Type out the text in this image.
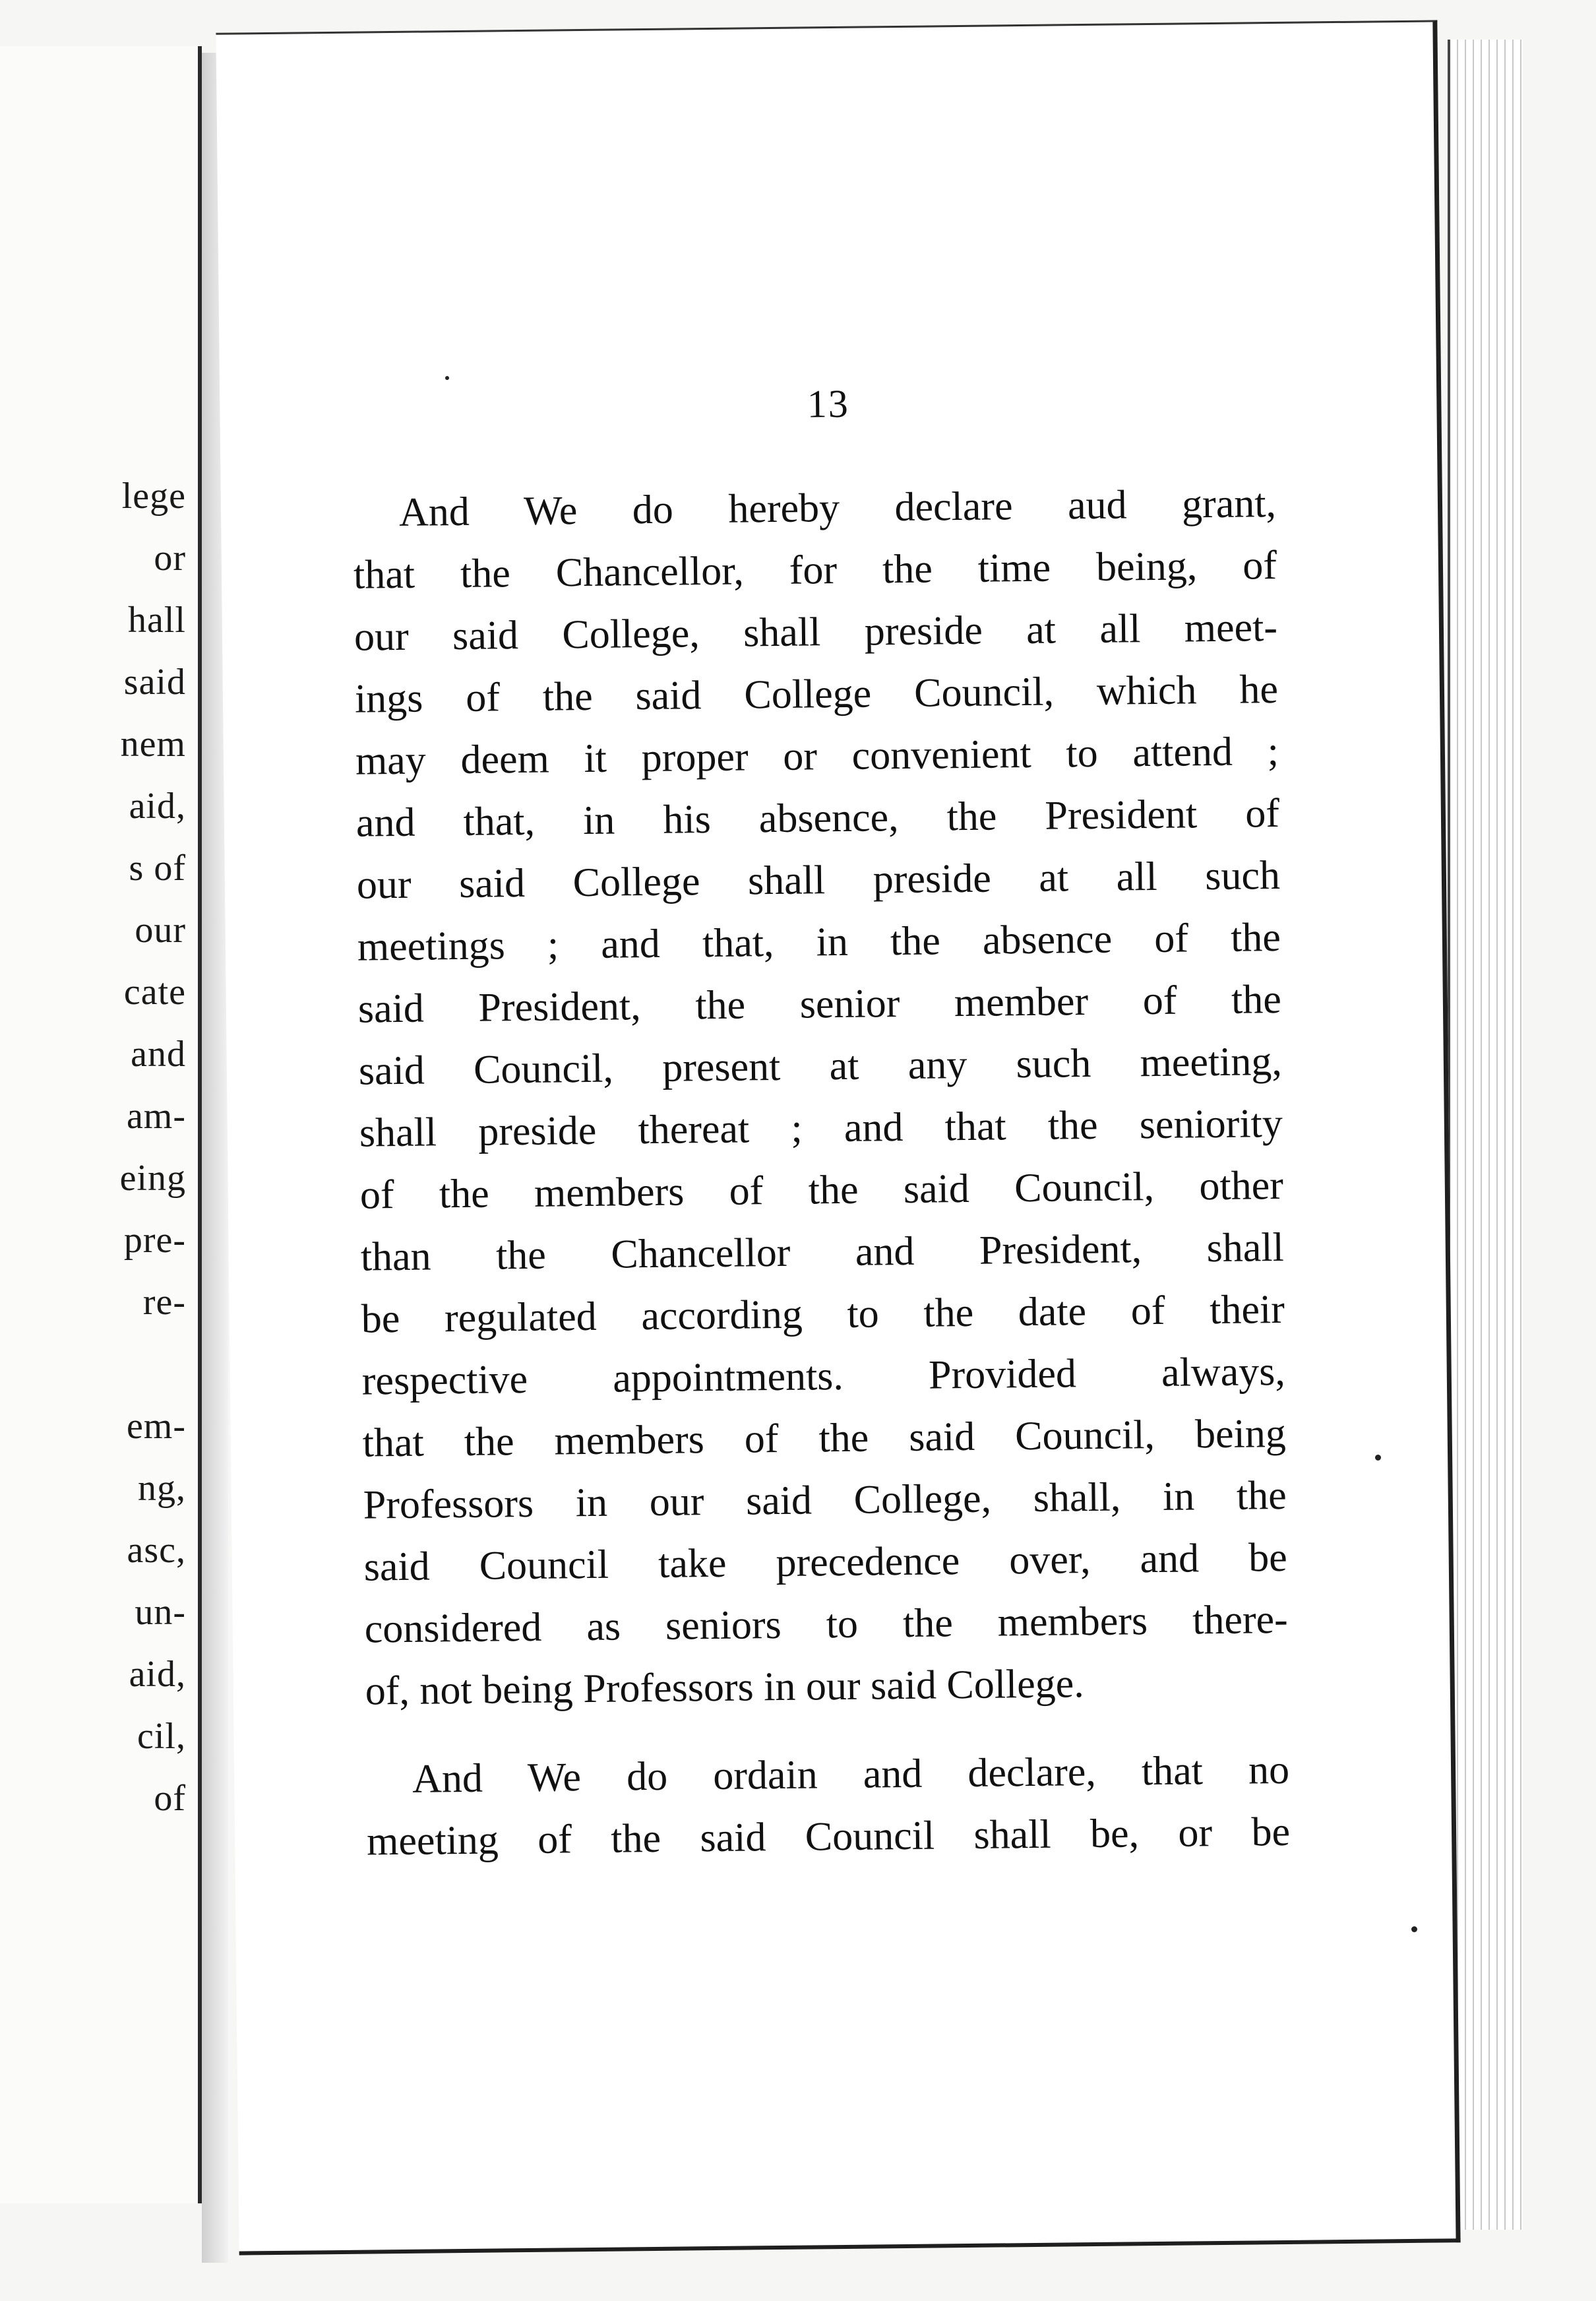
lege
or
hall
said
nem
aid,
s of
our
cate
and
am-
eing
pre-
re-
em-
ng,
asc,
un-
aid,
cil,
of
13
And We do hereby declare aud grant,
that the Chancellor, for the time being, of
our said College, shall preside at all meet-
ings of the said College Council, which he
may deem it proper or convenient to attend ;
and that, in his absence, the President of
our said College shall preside at all such
meetings ; and that, in the absence of the
said President, the senior member of the
said Council, present at any such meeting,
shall preside thereat ; and that the seniority
of the members of the said Council, other
than the Chancellor and President, shall
be regulated according to the date of their
respective appointments. Provided always,
that the members of the said Council, being
Professors in our said College, shall, in the
said Council take precedence over, and be
considered as seniors to the members there-
of, not being Professors in our said College.
And We do ordain and declare, that no
meeting of the said Council shall be, or be
